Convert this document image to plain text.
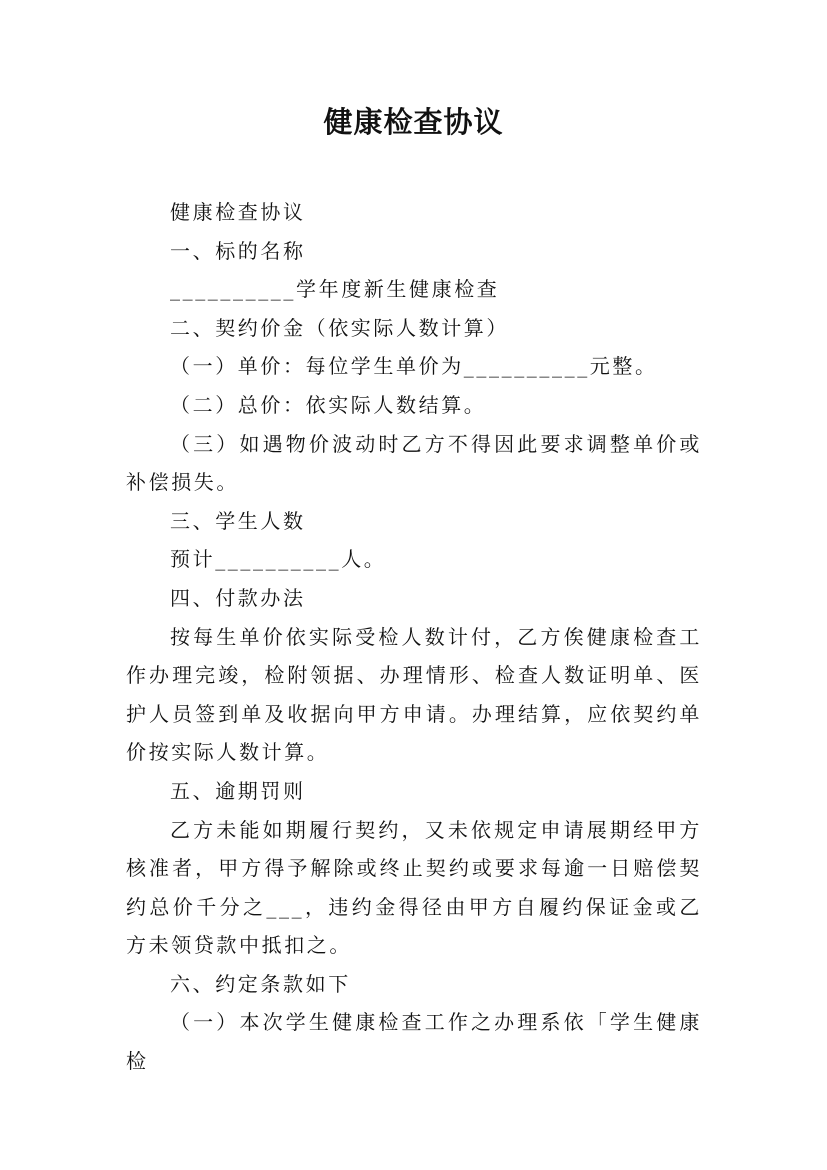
健康检查协议

健康检查协议

一、标的名称

__________学年度新生健康检查

二、契约价金（依实际人数计算）

（一）单价：每位学生单价为__________元整。

（二）总价：依实际人数结算。

（三）如遇物价波动时乙方不得因此要求调整单价或补偿损失。

三、学生人数

预计__________人。

四、付款办法

按每生单价依实际受检人数计付，乙方俟健康检查工作办理完竣，检附领据、办理情形、检查人数证明单、医护人员签到单及收据向甲方申请。办理结算，应依契约单价按实际人数计算。

五、逾期罚则

乙方未能如期履行契约，又未依规定申请展期经甲方核准者，甲方得予解除或终止契约或要求每逾一日赔偿契约总价千分之___，违约金得径由甲方自履约保证金或乙方未领贷款中抵扣之。

六、约定条款如下

（一）本次学生健康检查工作之办理系依「学生健康检
